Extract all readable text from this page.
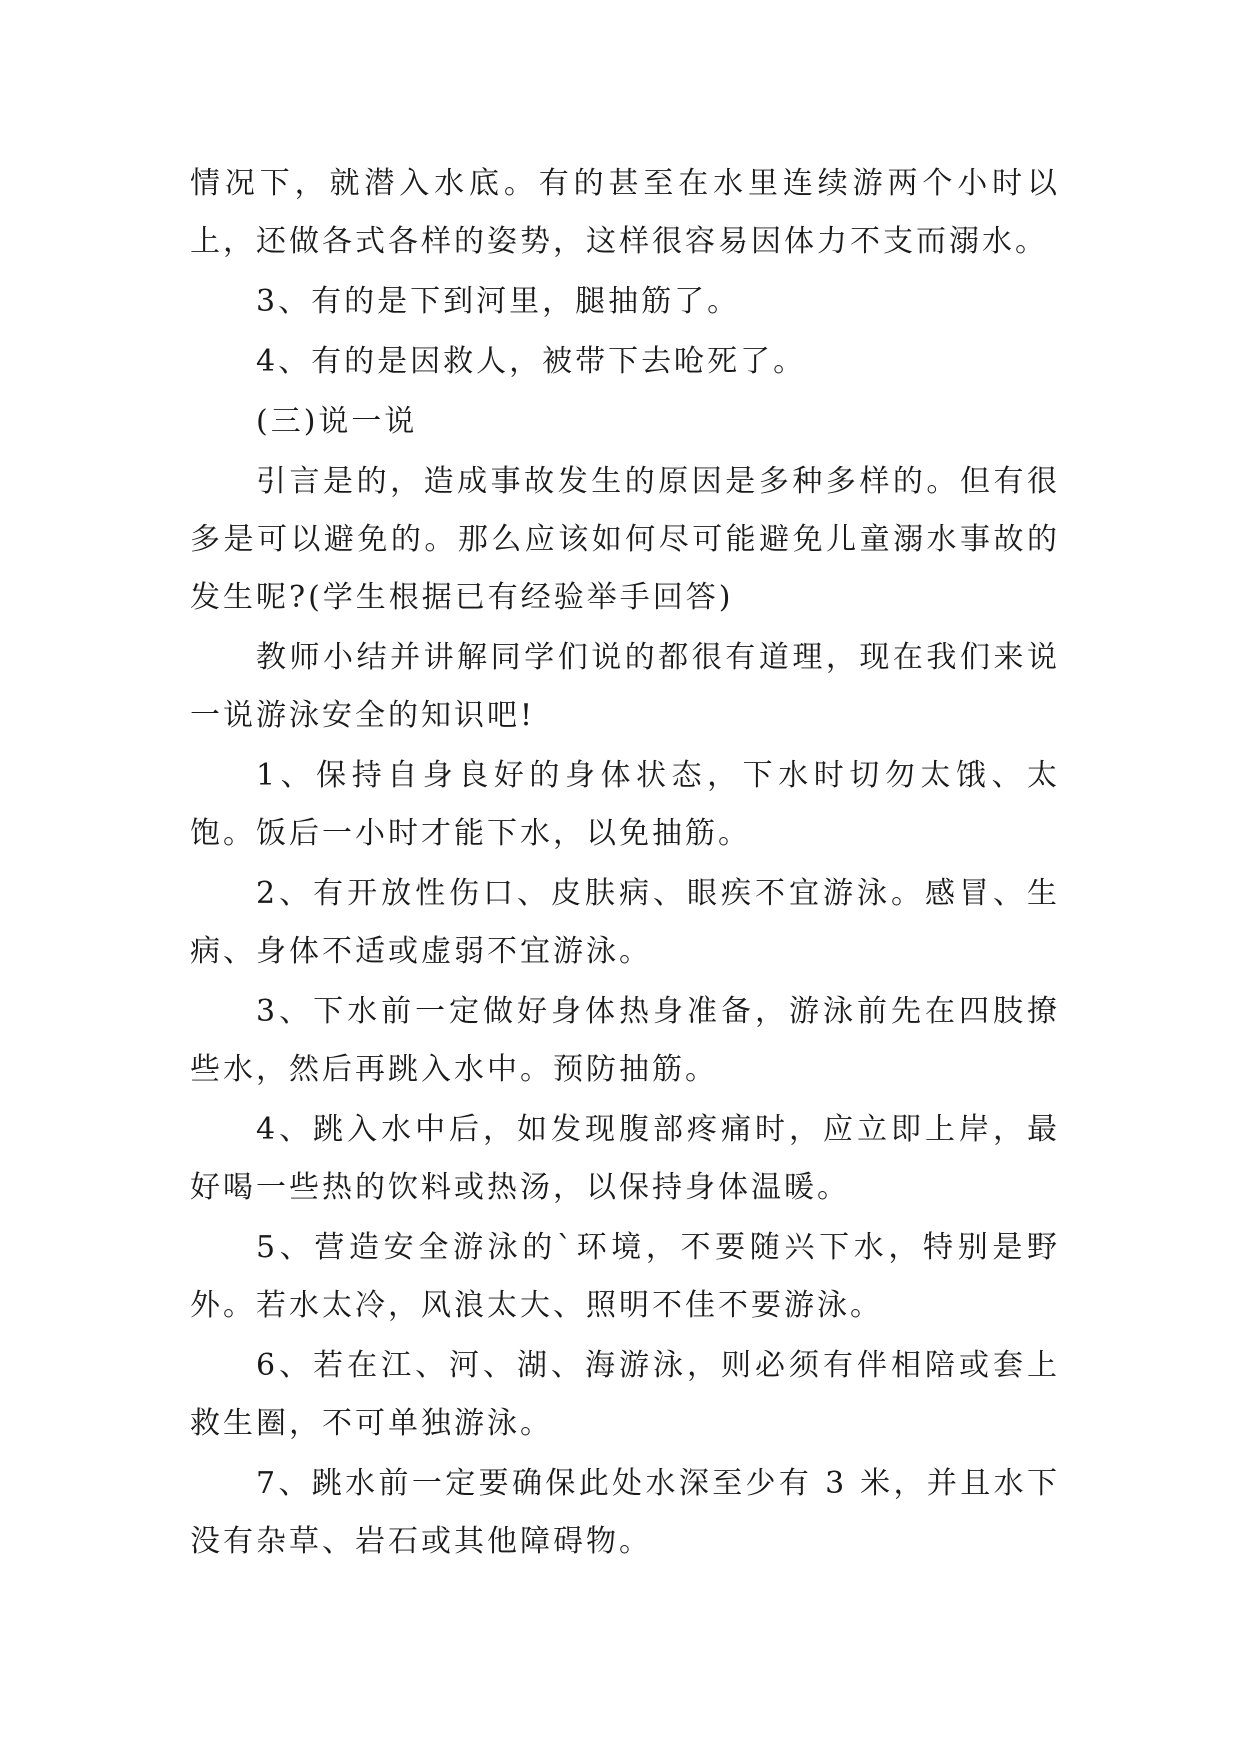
情况下，就潜入水底。有的甚至在水里连续游两个小时以上，还做各式各样的姿势，这样很容易因体力不支而溺水。

3、有的是下到河里，腿抽筋了。

4、有的是因救人，被带下去呛死了。

(三)说一说

引言是的，造成事故发生的原因是多种多样的。但有很多是可以避免的。那么应该如何尽可能避免儿童溺水事故的发生呢?(学生根据已有经验举手回答)

教师小结并讲解同学们说的都很有道理，现在我们来说一说游泳安全的知识吧!

1、保持自身良好的身体状态，下水时切勿太饿、太饱。饭后一小时才能下水，以免抽筋。

2、有开放性伤口、皮肤病、眼疾不宜游泳。感冒、生病、身体不适或虚弱不宜游泳。

3、下水前一定做好身体热身准备，游泳前先在四肢撩些水，然后再跳入水中。预防抽筋。

4、跳入水中后，如发现腹部疼痛时，应立即上岸，最好喝一些热的饮料或热汤，以保持身体温暖。

5、营造安全游泳的`环境，不要随兴下水，特别是野外。若水太冷，风浪太大、照明不佳不要游泳。

6、若在江、河、湖、海游泳，则必须有伴相陪或套上救生圈，不可单独游泳。

7、跳水前一定要确保此处水深至少有 3 米，并且水下没有杂草、岩石或其他障碍物。
